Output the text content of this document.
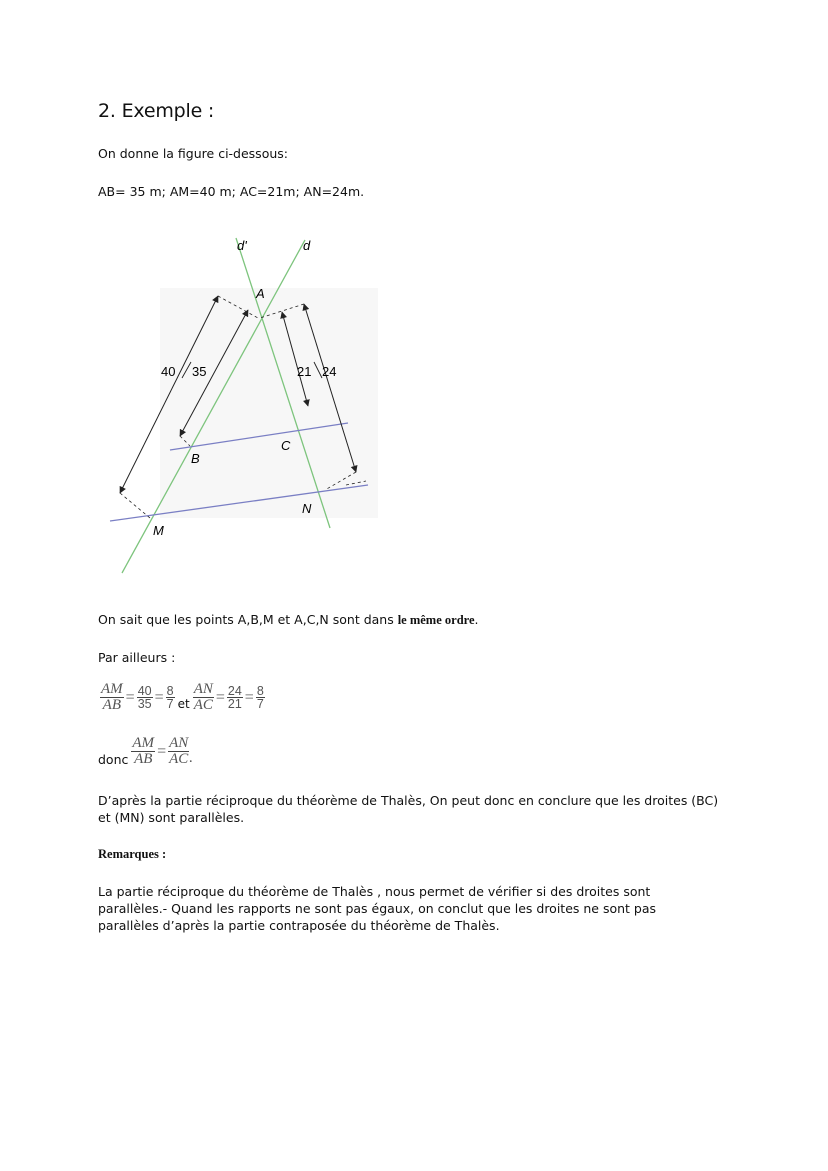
2. Exemple :
On donne la figure ci-dessous:
AB= 35 m; AM=40 m; AC=21m; AN=24m.
d'	d
A
B
C
M
N
40 35	21 24
On sait que les points A,B,M et A,C,N sont dans le même ordre.
Par ailleurs :
$\frac{AM}{AB} = \frac{40}{35} = \frac{8}{7}$ et $\frac{AN}{AC} = \frac{24}{21} = \frac{8}{7}$
donc $\frac{AM}{AB} = \frac{AN}{AC}$ .
D’après la partie réciproque du théorème de Thalès, On peut donc en conclure que les droites (BC) et (MN) sont parallèles.
Remarques :
La partie réciproque du théorème de Thalès , nous permet de vérifier si des droites sont parallèles.- Quand les rapports ne sont pas égaux, on conclut que les droites ne sont pas parallèles d’après la partie contraposée du théorème de Thalès.
